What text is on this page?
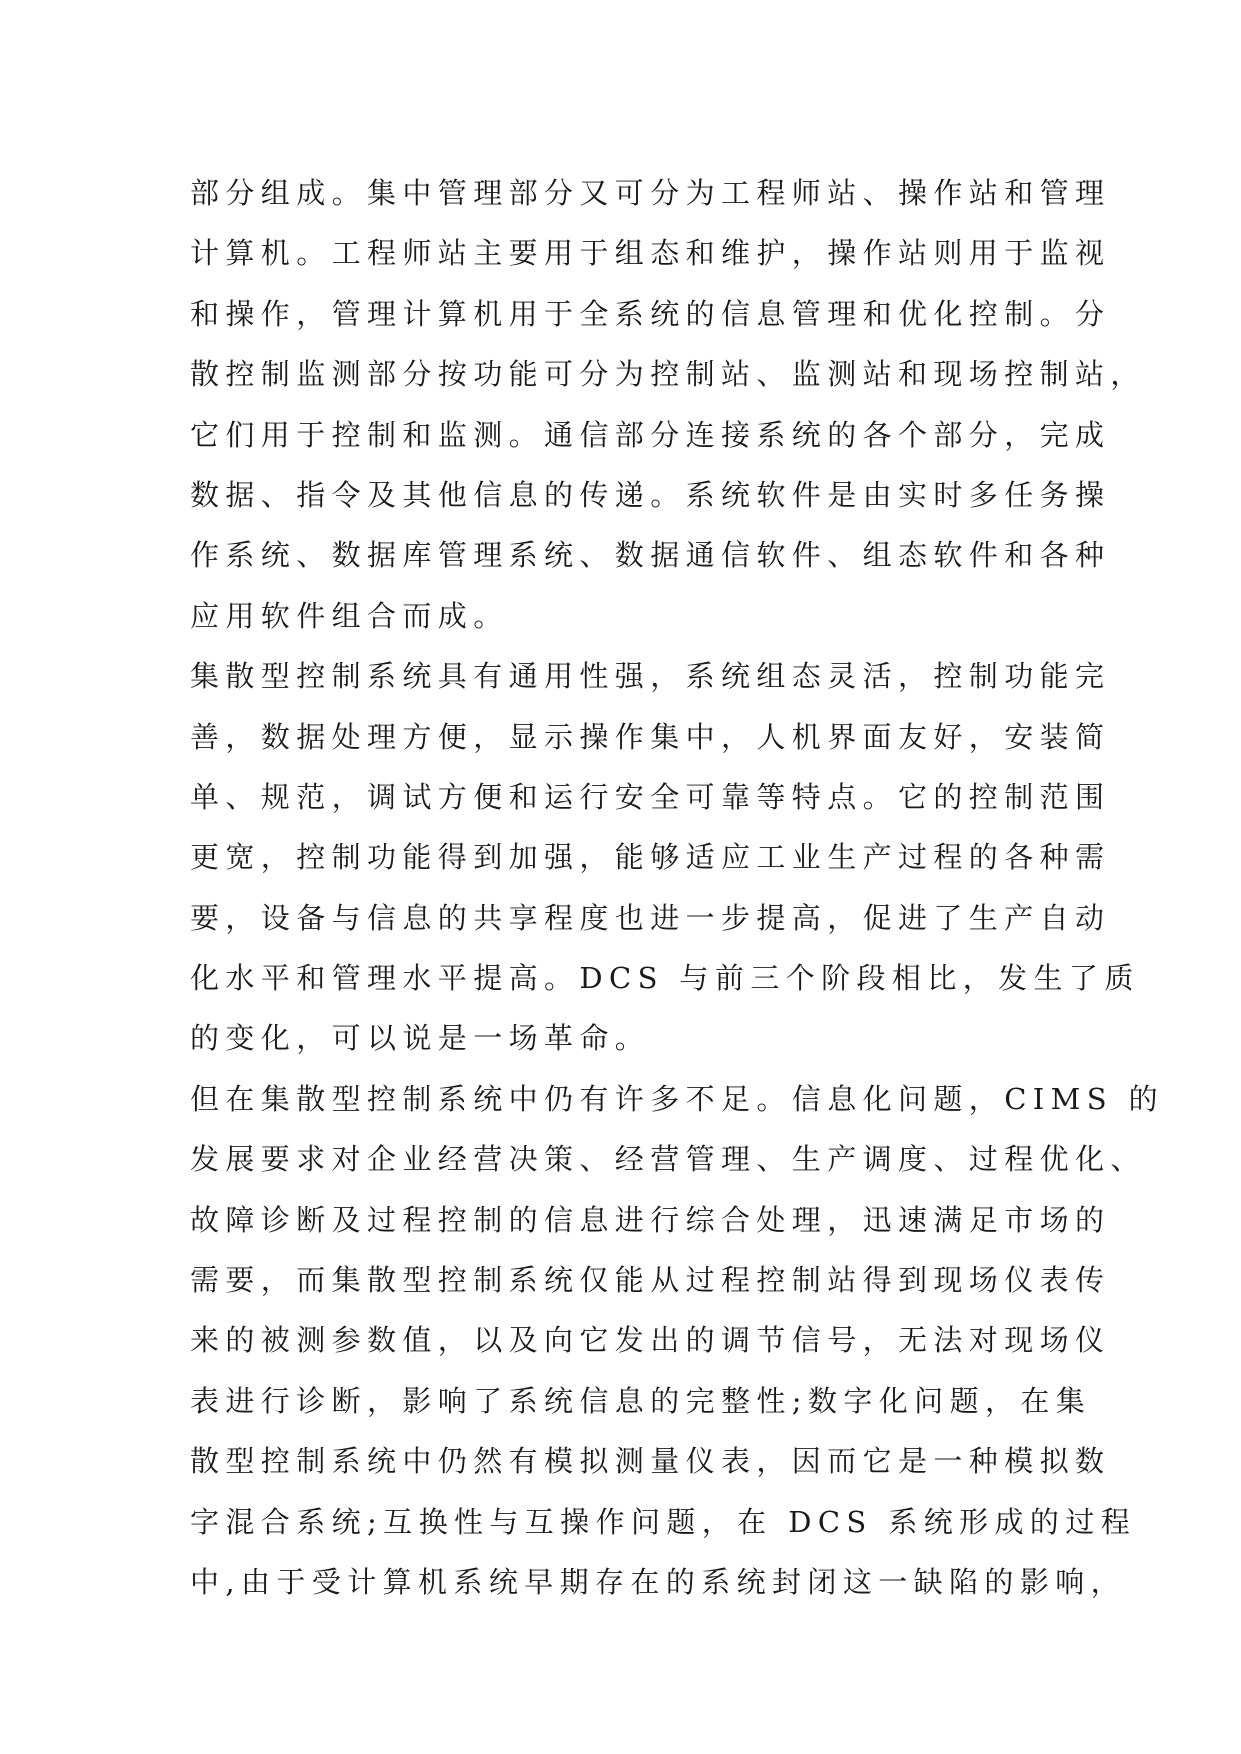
部分组成。集中管理部分又可分为工程师站、操作站和管理
计算机。工程师站主要用于组态和维护，操作站则用于监视
和操作，管理计算机用于全系统的信息管理和优化控制。分
散控制监测部分按功能可分为控制站、监测站和现场控制站，
它们用于控制和监测。通信部分连接系统的各个部分，完成
数据、指令及其他信息的传递。系统软件是由实时多任务操
作系统、数据库管理系统、数据通信软件、组态软件和各种
应用软件组合而成。
集散型控制系统具有通用性强，系统组态灵活，控制功能完
善，数据处理方便，显示操作集中，人机界面友好，安装简
单、规范，调试方便和运行安全可靠等特点。它的控制范围
更宽，控制功能得到加强，能够适应工业生产过程的各种需
要，设备与信息的共享程度也进一步提高，促进了生产自动
化水平和管理水平提高。DCS 与前三个阶段相比，发生了质
的变化，可以说是一场革命。
但在集散型控制系统中仍有许多不足。信息化问题，CIMS 的
发展要求对企业经营决策、经营管理、生产调度、过程优化、
故障诊断及过程控制的信息进行综合处理，迅速满足市场的
需要，而集散型控制系统仅能从过程控制站得到现场仪表传
来的被测参数值，以及向它发出的调节信号，无法对现场仪
表进行诊断，影响了系统信息的完整性;数字化问题，在集
散型控制系统中仍然有模拟测量仪表，因而它是一种模拟数
字混合系统;互换性与互操作问题，在 DCS 系统形成的过程
中,由于受计算机系统早期存在的系统封闭这一缺陷的影响，
